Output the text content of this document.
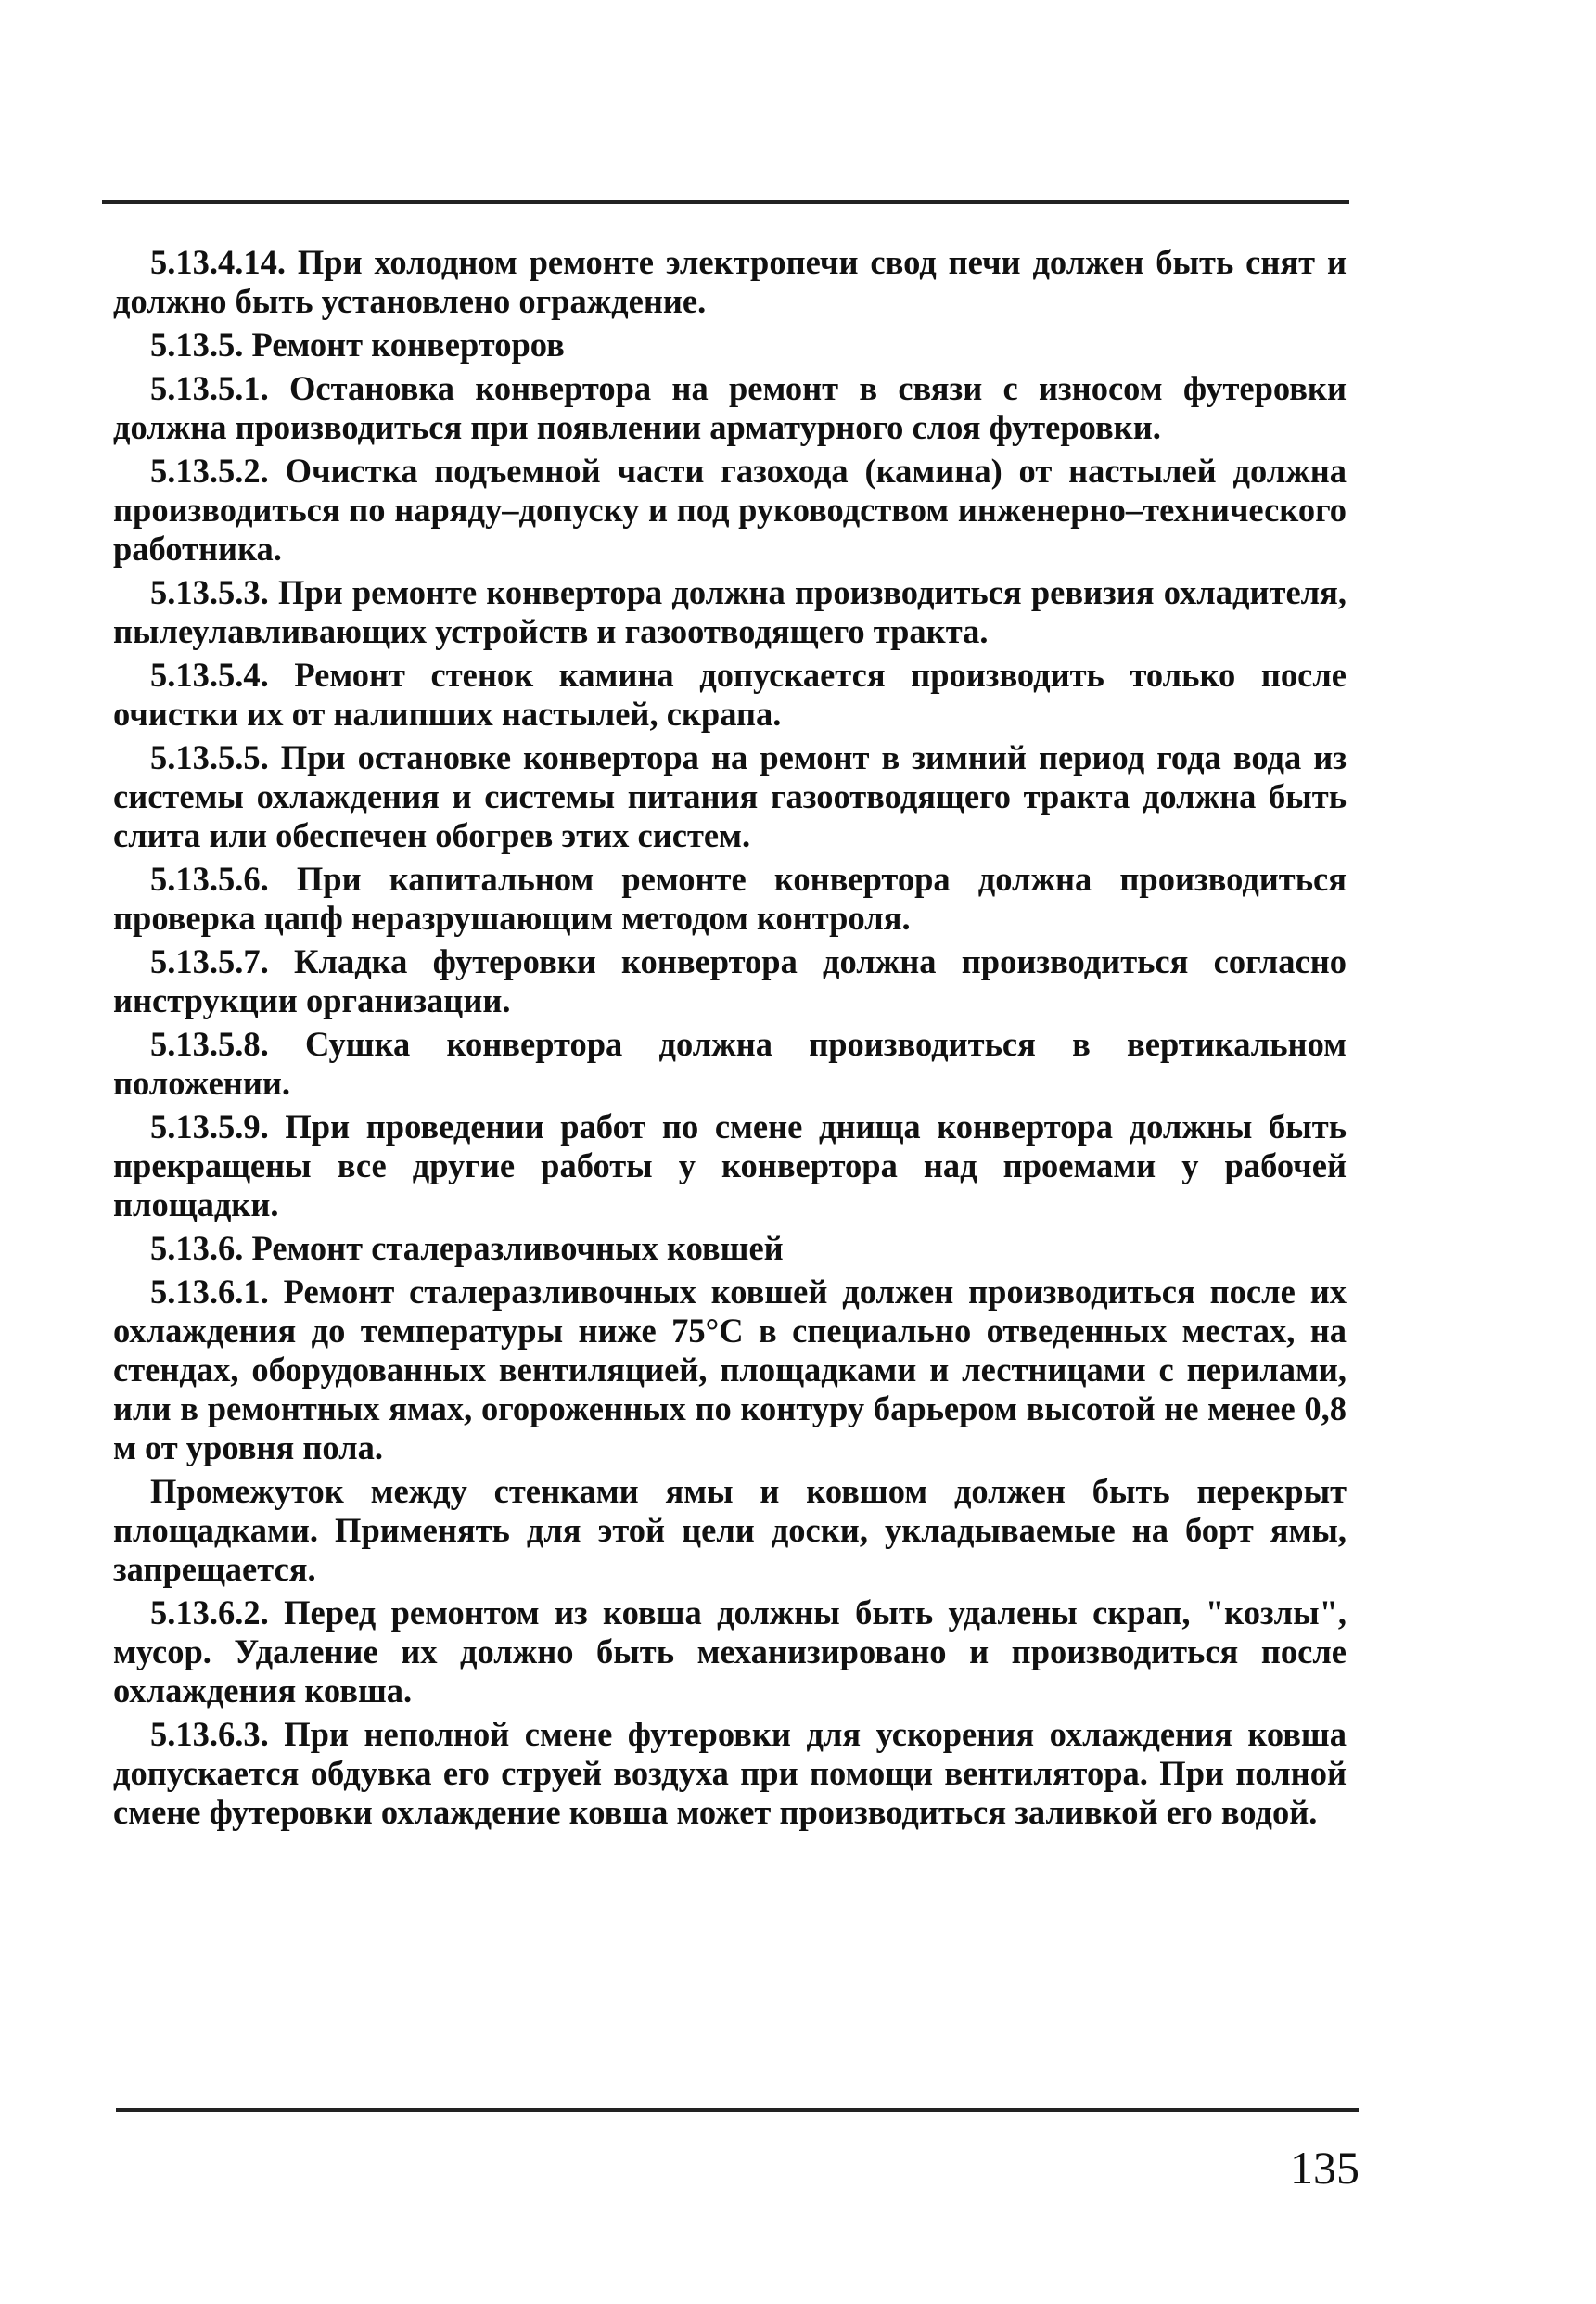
5.13.4.14. При холодном ремонте электропечи свод печи должен быть снят и должно быть установлено ограждение.

5.13.5. Ремонт конверторов

5.13.5.1. Остановка конвертора на ремонт в связи с износом футеровки должна производиться при появлении арматурного слоя футеровки.

5.13.5.2. Очистка подъемной части газохода (камина) от настылей должна производиться по наряду–допуску и под руководством инженерно–технического работника.

5.13.5.3. При ремонте конвертора должна производиться ревизия охладителя, пылеулавливающих устройств и газоотводящего тракта.

5.13.5.4. Ремонт стенок камина допускается производить только после очистки их от налипших настылей, скрапа.

5.13.5.5. При остановке конвертора на ремонт в зимний период года вода из системы охлаждения и системы питания газоотводящего тракта должна быть слита или обеспечен обогрев этих систем.

5.13.5.6. При капитальном ремонте конвертора должна производиться проверка цапф неразрушающим методом контроля.

5.13.5.7. Кладка футеровки конвертора должна производиться согласно инструкции организации.

5.13.5.8. Сушка конвертора должна производиться в вертикальном положении.

5.13.5.9. При проведении работ по смене днища конвертора должны быть прекращены все другие работы у конвертора над проемами у рабочей площадки.

5.13.6. Ремонт сталеразливочных ковшей

5.13.6.1. Ремонт сталеразливочных ковшей должен производиться после их охлаждения до температуры ниже 75°С в специально отведенных местах, на стендах, оборудованных вентиляцией, площадками и лестницами с перилами, или в ремонтных ямах, огороженных по контуру барьером высотой не менее 0,8 м от уровня пола.

Промежуток между стенками ямы и ковшом должен быть перекрыт площадками. Применять для этой цели доски, укладываемые на борт ямы, запрещается.

5.13.6.2. Перед ремонтом из ковша должны быть удалены скрап, "козлы", мусор. Удаление их должно быть механизировано и производиться после охлаждения ковша.

5.13.6.3. При неполной смене футеровки для ускорения охлаждения ковша допускается обдувка его струей воздуха при помощи вентилятора. При полной смене футеровки охлаждение ковша может производиться заливкой его водой.

135
